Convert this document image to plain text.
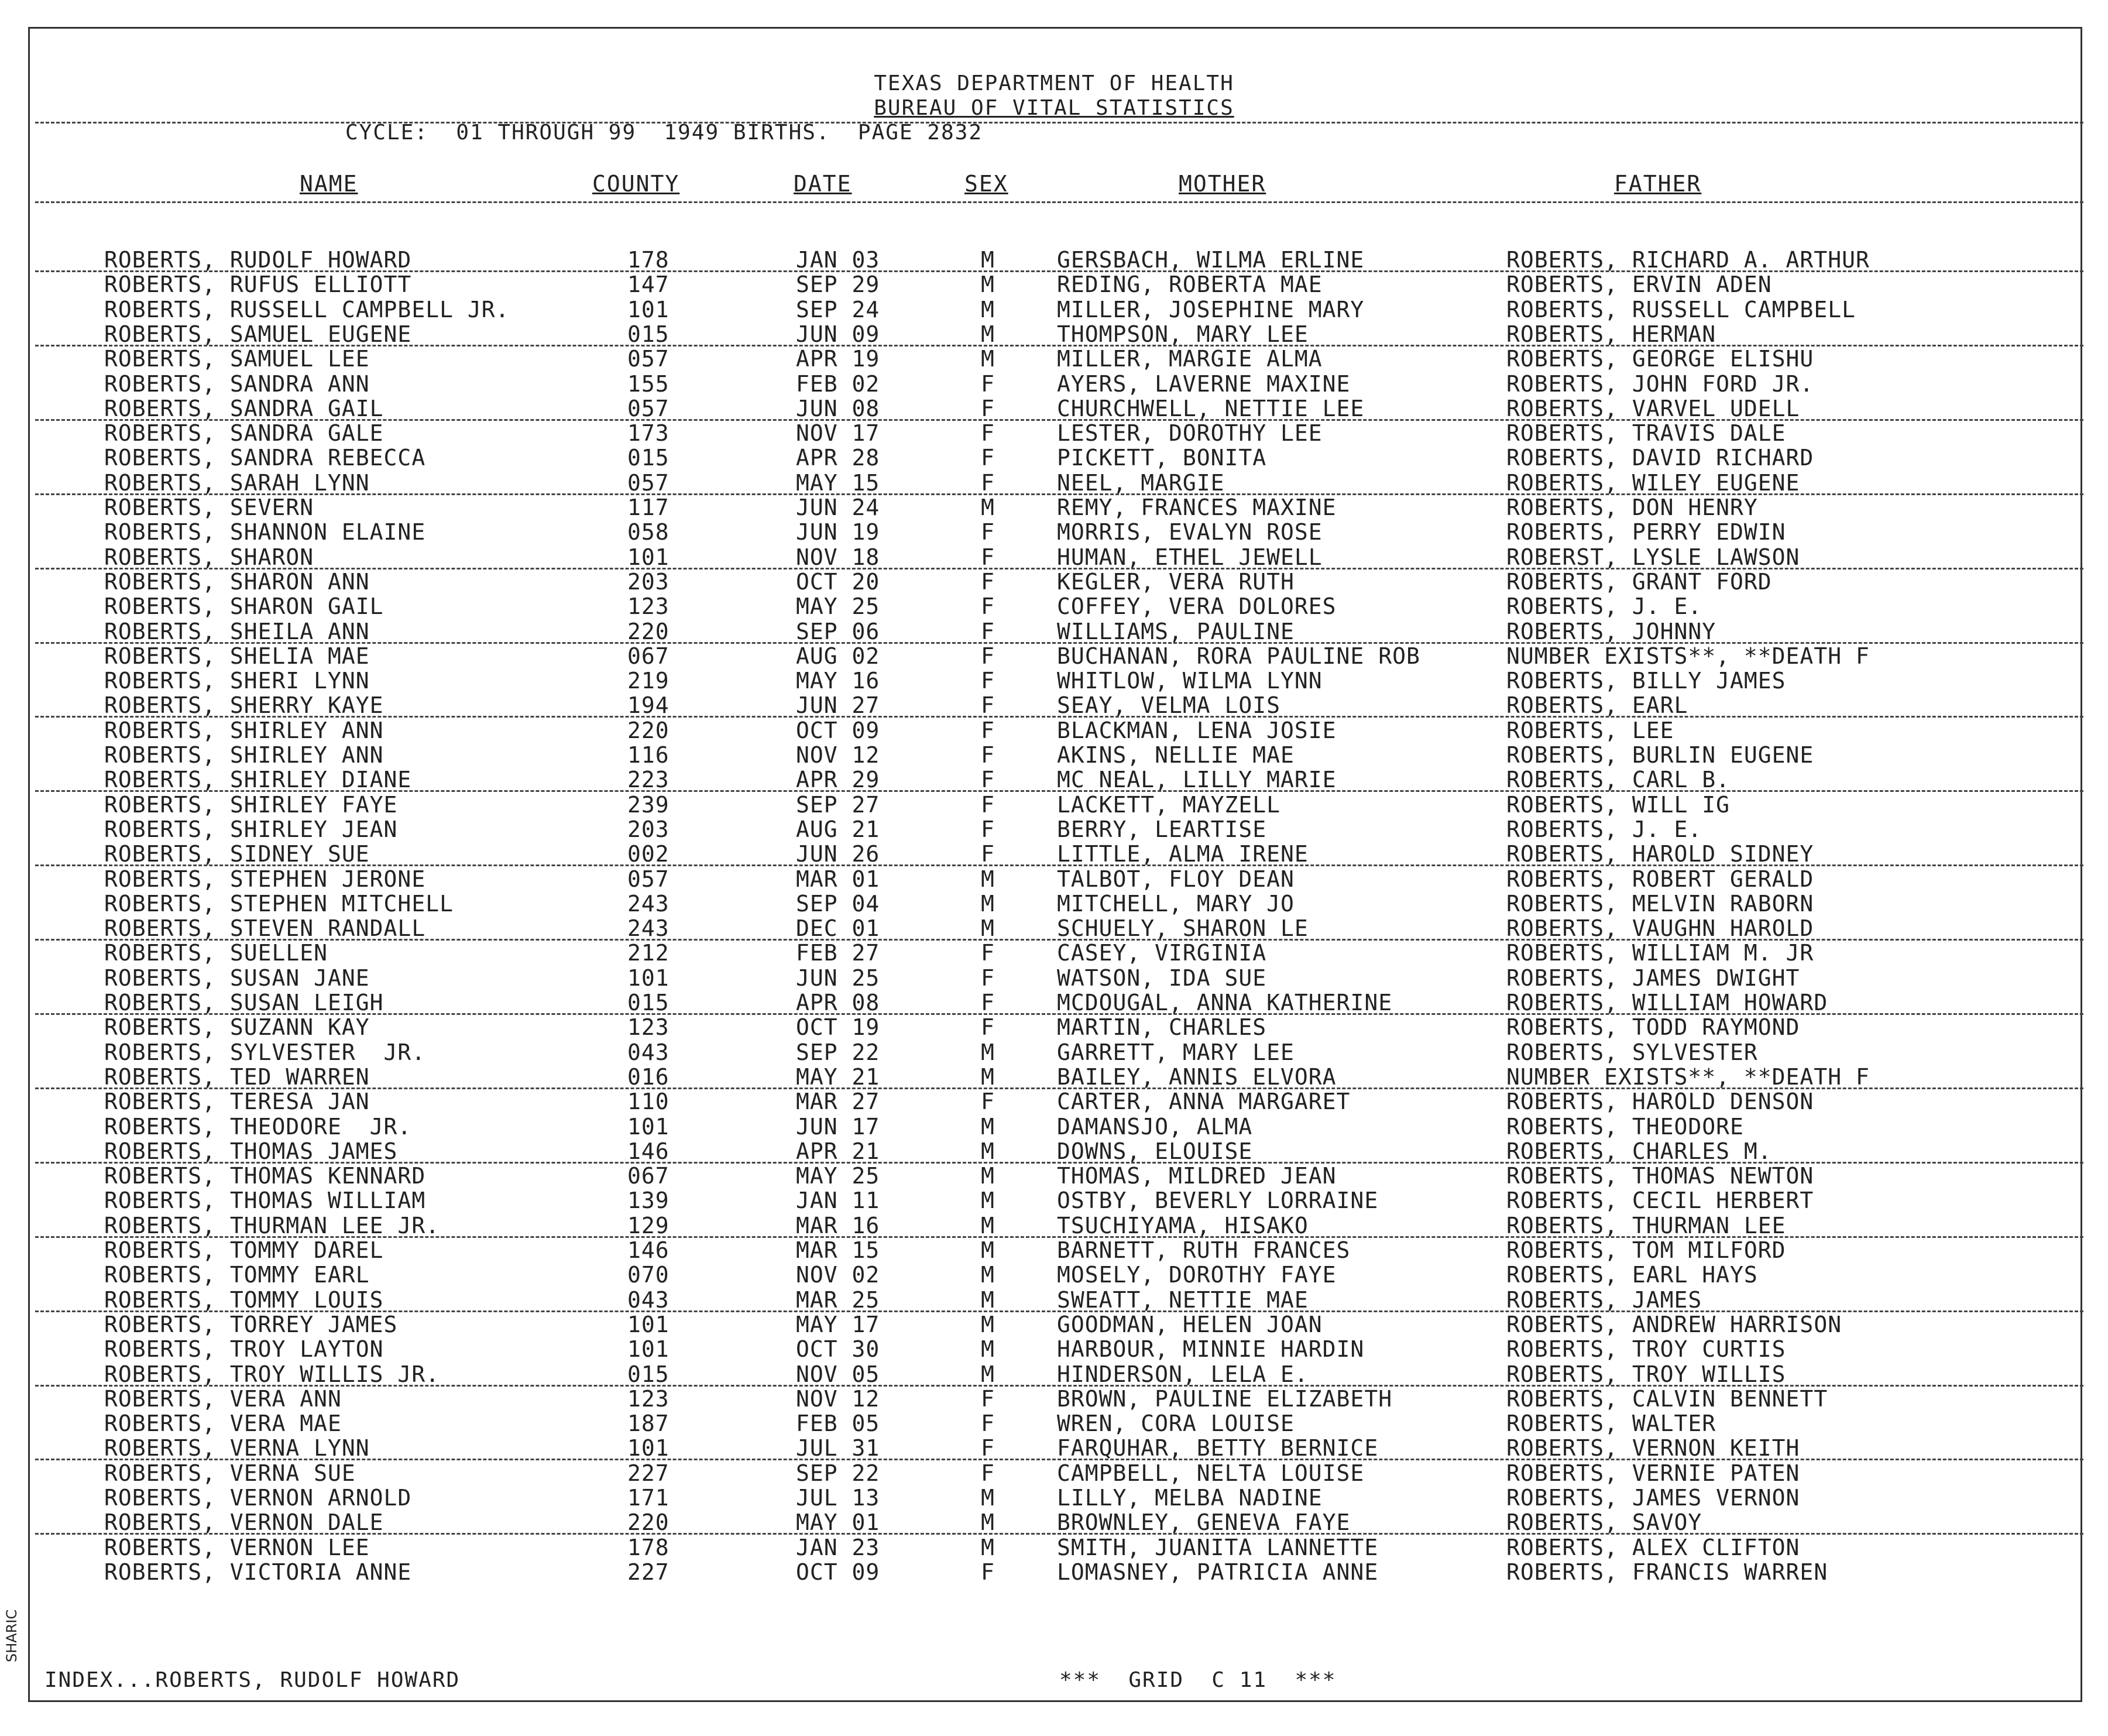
TEXAS DEPARTMENT OF HEALTH
BUREAU OF VITAL STATISTICS
CYCLE:  01 THROUGH 99  1949 BIRTHS.  PAGE 2832
NAME	COUNTY	DATE	SEX	MOTHER	FATHER
ROBERTS, RUDOLF HOWARD	178	JAN 03	M	GERSBACH, WILMA ERLINE	ROBERTS, RICHARD A. ARTHUR
ROBERTS, RUFUS ELLIOTT	147	SEP 29	M	REDING, ROBERTA MAE	ROBERTS, ERVIN ADEN
ROBERTS, RUSSELL CAMPBELL JR.	101	SEP 24	M	MILLER, JOSEPHINE MARY	ROBERTS, RUSSELL CAMPBELL
ROBERTS, SAMUEL EUGENE	015	JUN 09	M	THOMPSON, MARY LEE	ROBERTS, HERMAN
ROBERTS, SAMUEL LEE	057	APR 19	M	MILLER, MARGIE ALMA	ROBERTS, GEORGE ELISHU
ROBERTS, SANDRA ANN	155	FEB 02	F	AYERS, LAVERNE MAXINE	ROBERTS, JOHN FORD JR.
ROBERTS, SANDRA GAIL	057	JUN 08	F	CHURCHWELL, NETTIE LEE	ROBERTS, VARVEL UDELL
ROBERTS, SANDRA GALE	173	NOV 17	F	LESTER, DOROTHY LEE	ROBERTS, TRAVIS DALE
ROBERTS, SANDRA REBECCA	015	APR 28	F	PICKETT, BONITA	ROBERTS, DAVID RICHARD
ROBERTS, SARAH LYNN	057	MAY 15	F	NEEL, MARGIE	ROBERTS, WILEY EUGENE
ROBERTS, SEVERN	117	JUN 24	M	REMY, FRANCES MAXINE	ROBERTS, DON HENRY
ROBERTS, SHANNON ELAINE	058	JUN 19	F	MORRIS, EVALYN ROSE	ROBERTS, PERRY EDWIN
ROBERTS, SHARON	101	NOV 18	F	HUMAN, ETHEL JEWELL	ROBERST, LYSLE LAWSON
ROBERTS, SHARON ANN	203	OCT 20	F	KEGLER, VERA RUTH	ROBERTS, GRANT FORD
ROBERTS, SHARON GAIL	123	MAY 25	F	COFFEY, VERA DOLORES	ROBERTS, J. E.
ROBERTS, SHEILA ANN	220	SEP 06	F	WILLIAMS, PAULINE	ROBERTS, JOHNNY
ROBERTS, SHELIA MAE	067	AUG 02	F	BUCHANAN, RORA PAULINE ROB	NUMBER EXISTS**, **DEATH F
ROBERTS, SHERI LYNN	219	MAY 16	F	WHITLOW, WILMA LYNN	ROBERTS, BILLY JAMES
ROBERTS, SHERRY KAYE	194	JUN 27	F	SEAY, VELMA LOIS	ROBERTS, EARL
ROBERTS, SHIRLEY ANN	220	OCT 09	F	BLACKMAN, LENA JOSIE	ROBERTS, LEE
ROBERTS, SHIRLEY ANN	116	NOV 12	F	AKINS, NELLIE MAE	ROBERTS, BURLIN EUGENE
ROBERTS, SHIRLEY DIANE	223	APR 29	F	MC NEAL, LILLY MARIE	ROBERTS, CARL B.
ROBERTS, SHIRLEY FAYE	239	SEP 27	F	LACKETT, MAYZELL	ROBERTS, WILL IG
ROBERTS, SHIRLEY JEAN	203	AUG 21	F	BERRY, LEARTISE	ROBERTS, J. E.
ROBERTS, SIDNEY SUE	002	JUN 26	F	LITTLE, ALMA IRENE	ROBERTS, HAROLD SIDNEY
ROBERTS, STEPHEN JERONE	057	MAR 01	M	TALBOT, FLOY DEAN	ROBERTS, ROBERT GERALD
ROBERTS, STEPHEN MITCHELL	243	SEP 04	M	MITCHELL, MARY JO	ROBERTS, MELVIN RABORN
ROBERTS, STEVEN RANDALL	243	DEC 01	M	SCHUELY, SHARON LE	ROBERTS, VAUGHN HAROLD
ROBERTS, SUELLEN	212	FEB 27	F	CASEY, VIRGINIA	ROBERTS, WILLIAM M. JR
ROBERTS, SUSAN JANE	101	JUN 25	F	WATSON, IDA SUE	ROBERTS, JAMES DWIGHT
ROBERTS, SUSAN LEIGH	015	APR 08	F	MCDOUGAL, ANNA KATHERINE	ROBERTS, WILLIAM HOWARD
ROBERTS, SUZANN KAY	123	OCT 19	F	MARTIN, CHARLES	ROBERTS, TODD RAYMOND
ROBERTS, SYLVESTER  JR.	043	SEP 22	M	GARRETT, MARY LEE	ROBERTS, SYLVESTER
ROBERTS, TED WARREN	016	MAY 21	M	BAILEY, ANNIS ELVORA	NUMBER EXISTS**, **DEATH F
ROBERTS, TERESA JAN	110	MAR 27	F	CARTER, ANNA MARGARET	ROBERTS, HAROLD DENSON
ROBERTS, THEODORE  JR.	101	JUN 17	M	DAMANSJO, ALMA	ROBERTS, THEODORE
ROBERTS, THOMAS JAMES	146	APR 21	M	DOWNS, ELOUISE	ROBERTS, CHARLES M.
ROBERTS, THOMAS KENNARD	067	MAY 25	M	THOMAS, MILDRED JEAN	ROBERTS, THOMAS NEWTON
ROBERTS, THOMAS WILLIAM	139	JAN 11	M	OSTBY, BEVERLY LORRAINE	ROBERTS, CECIL HERBERT
ROBERTS, THURMAN LEE JR.	129	MAR 16	M	TSUCHIYAMA, HISAKO	ROBERTS, THURMAN LEE
ROBERTS, TOMMY DAREL	146	MAR 15	M	BARNETT, RUTH FRANCES	ROBERTS, TOM MILFORD
ROBERTS, TOMMY EARL	070	NOV 02	M	MOSELY, DOROTHY FAYE	ROBERTS, EARL HAYS
ROBERTS, TOMMY LOUIS	043	MAR 25	M	SWEATT, NETTIE MAE	ROBERTS, JAMES
ROBERTS, TORREY JAMES	101	MAY 17	M	GOODMAN, HELEN JOAN	ROBERTS, ANDREW HARRISON
ROBERTS, TROY LAYTON	101	OCT 30	M	HARBOUR, MINNIE HARDIN	ROBERTS, TROY CURTIS
ROBERTS, TROY WILLIS JR.	015	NOV 05	M	HINDERSON, LELA E.	ROBERTS, TROY WILLIS
ROBERTS, VERA ANN	123	NOV 12	F	BROWN, PAULINE ELIZABETH	ROBERTS, CALVIN BENNETT
ROBERTS, VERA MAE	187	FEB 05	F	WREN, CORA LOUISE	ROBERTS, WALTER
ROBERTS, VERNA LYNN	101	JUL 31	F	FARQUHAR, BETTY BERNICE	ROBERTS, VERNON KEITH
ROBERTS, VERNA SUE	227	SEP 22	F	CAMPBELL, NELTA LOUISE	ROBERTS, VERNIE PATEN
ROBERTS, VERNON ARNOLD	171	JUL 13	M	LILLY, MELBA NADINE	ROBERTS, JAMES VERNON
ROBERTS, VERNON DALE	220	MAY 01	M	BROWNLEY, GENEVA FAYE	ROBERTS, SAVOY
ROBERTS, VERNON LEE	178	JAN 23	M	SMITH, JUANITA LANNETTE	ROBERTS, ALEX CLIFTON
ROBERTS, VICTORIA ANNE	227	OCT 09	F	LOMASNEY, PATRICIA ANNE	ROBERTS, FRANCIS WARREN
INDEX...ROBERTS, RUDOLF HOWARD	***  GRID  C 11  ***
SHARIC
